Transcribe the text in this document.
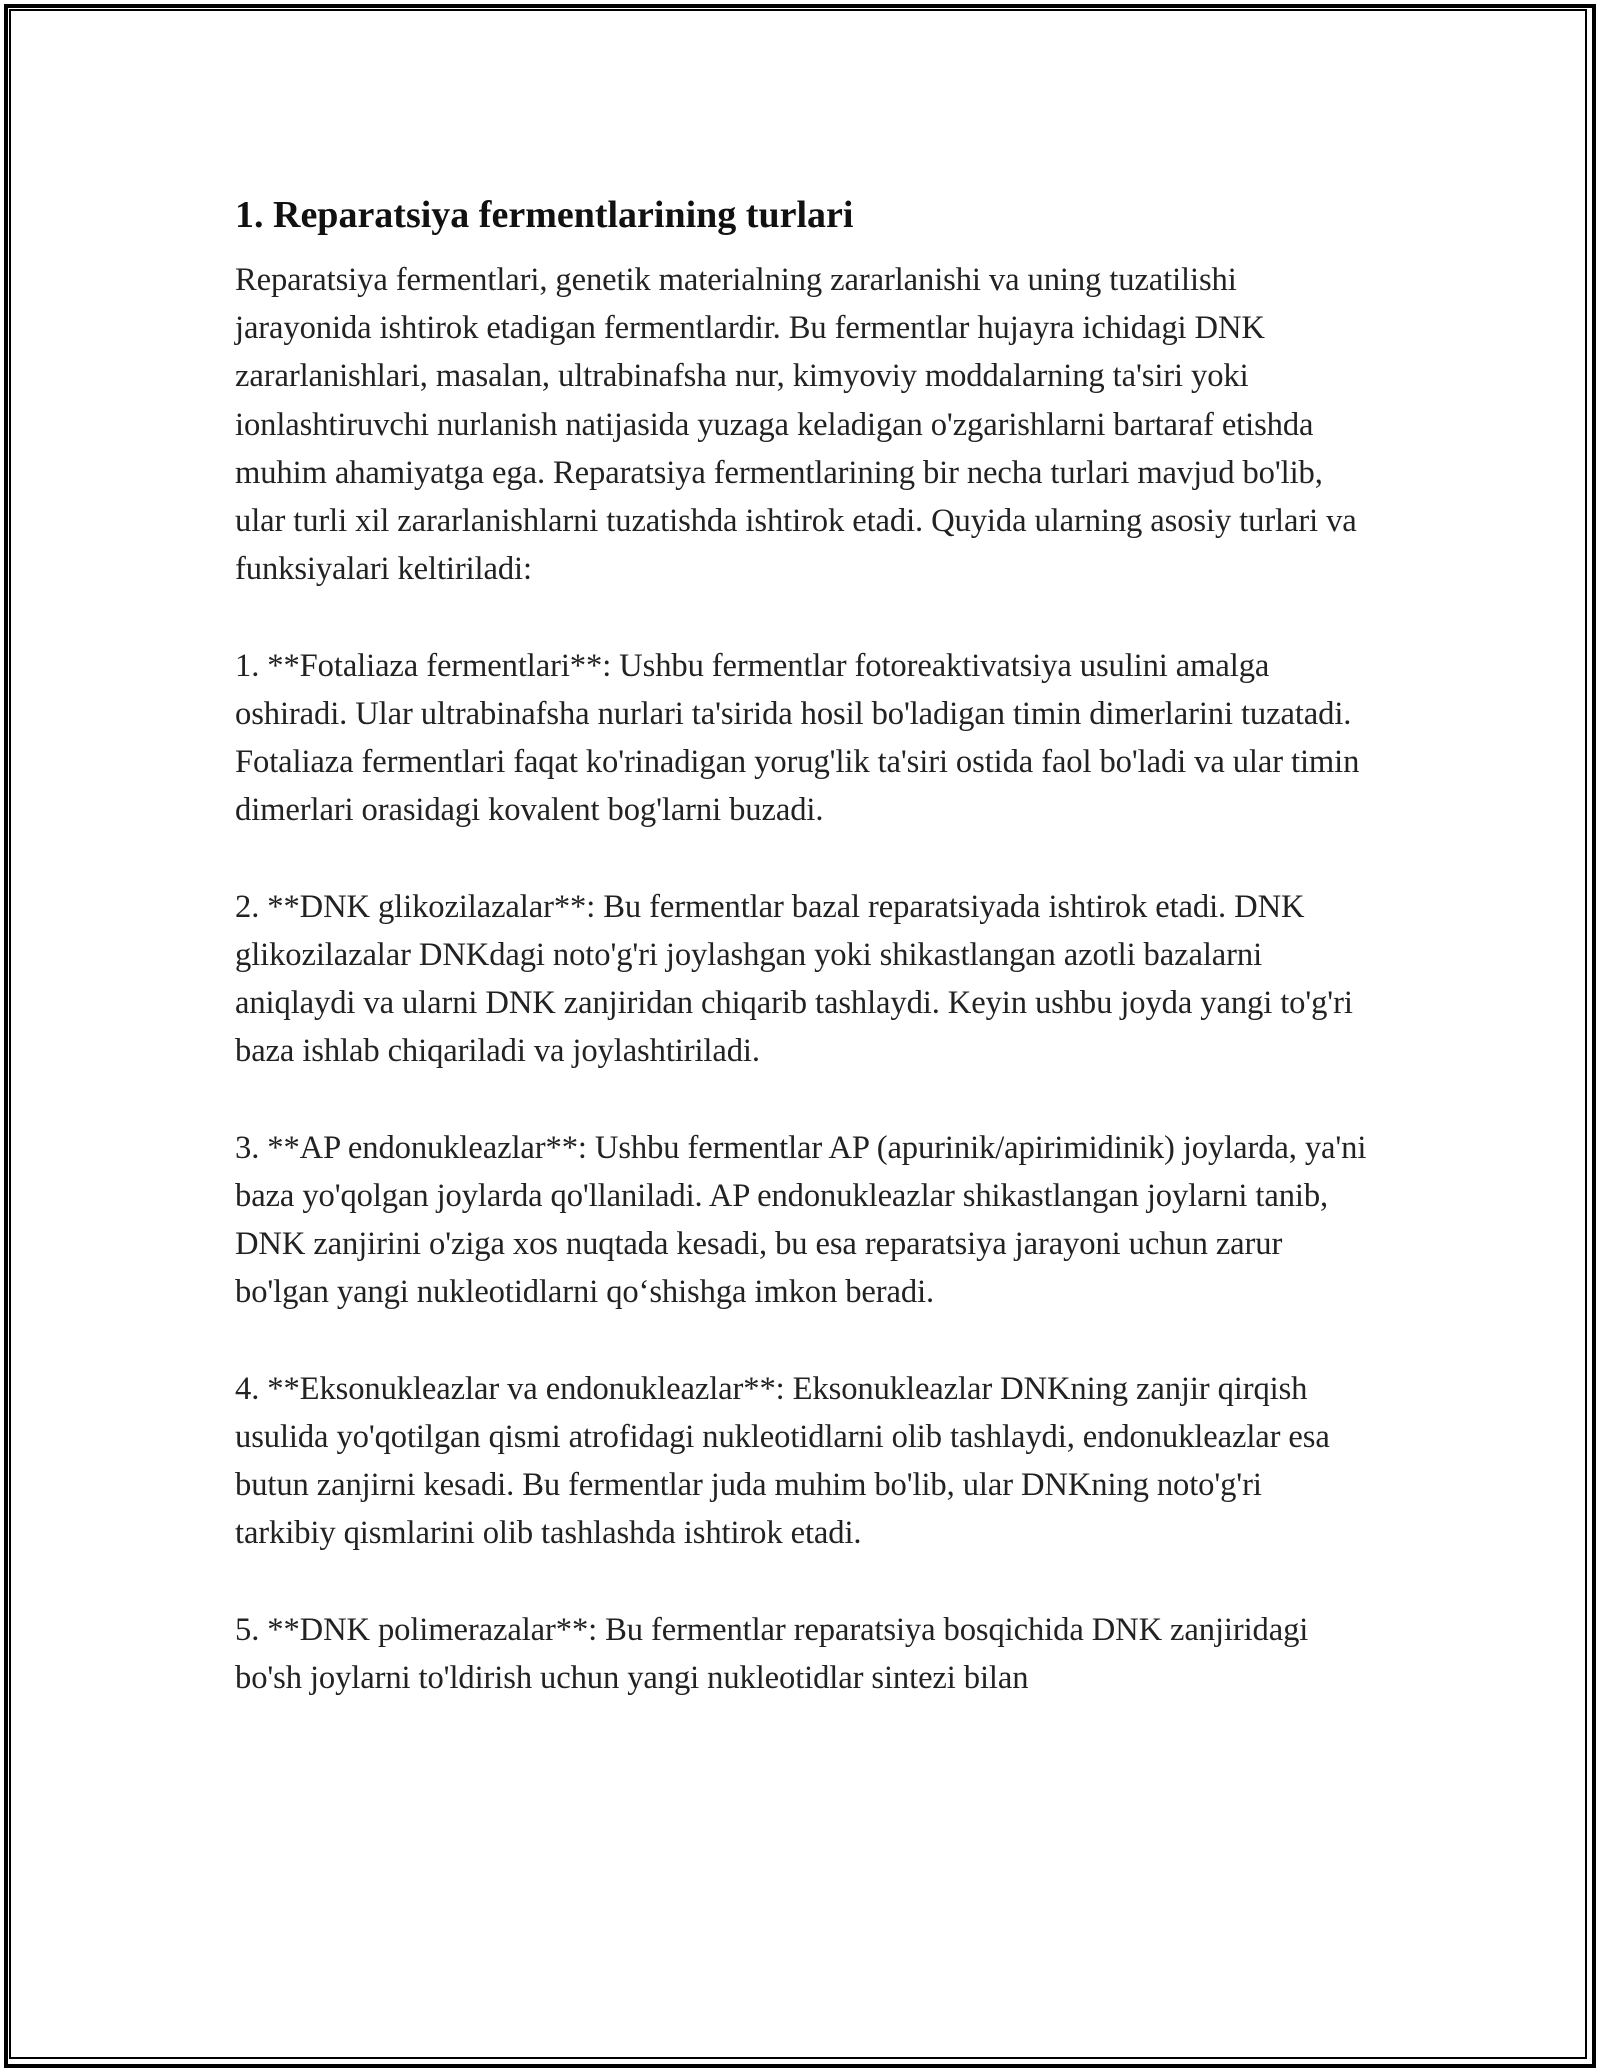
1. Reparatsiya fermentlarining turlari

Reparatsiya fermentlari, genetik materialning zararlanishi va uning tuzatilishi jarayonida ishtirok etadigan fermentlardir. Bu fermentlar hujayra ichidagi DNK zararlanishlari, masalan, ultrabinafsha nur, kimyoviy moddalarning ta'siri yoki ionlashtiruvchi nurlanish natijasida yuzaga keladigan o'zgarishlarni bartaraf etishda muhim ahamiyatga ega. Reparatsiya fermentlarining bir necha turlari mavjud bo'lib, ular turli xil zararlanishlarni tuzatishda ishtirok etadi. Quyida ularning asosiy turlari va funksiyalari keltiriladi:

1. **Fotaliaza fermentlari**: Ushbu fermentlar fotoreaktivatsiya usulini amalga oshiradi. Ular ultrabinafsha nurlari ta'sirida hosil bo'ladigan timin dimerlarini tuzatadi. Fotaliaza fermentlari faqat ko'rinadigan yorug'lik ta'siri ostida faol bo'ladi va ular timin dimerlari orasidagi kovalent bog'larni buzadi.

2. **DNK glikozilazalar**: Bu fermentlar bazal reparatsiyada ishtirok etadi. DNK glikozilazalar DNKdagi noto'g'ri joylashgan yoki shikastlangan azotli bazalarni aniqlaydi va ularni DNK zanjiridan chiqarib tashlaydi. Keyin ushbu joyda yangi to'g'ri baza ishlab chiqariladi va joylashtiriladi.

3. **AP endonukleazlar**: Ushbu fermentlar AP (apurinik/apirimidinik) joylarda, ya'ni baza yo'qolgan joylarda qo'llaniladi. AP endonukleazlar shikastlangan joylarni tanib, DNK zanjirini o'ziga xos nuqtada kesadi, bu esa reparatsiya jarayoni uchun zarur bo'lgan yangi nukleotidlarni qo‘shishga imkon beradi.

4. **Eksonukleazlar va endonukleazlar**: Eksonukleazlar DNKning zanjir qirqish usulida yo'qotilgan qismi atrofidagi nukleotidlarni olib tashlaydi, endonukleazlar esa butun zanjirni kesadi. Bu fermentlar juda muhim bo'lib, ular DNKning noto'g'ri tarkibiy qismlarini olib tashlashda ishtirok etadi.

5. **DNK polimerazalar**: Bu fermentlar reparatsiya bosqichida DNK zanjiridagi bo'sh joylarni to'ldirish uchun yangi nukleotidlar sintezi bilan
